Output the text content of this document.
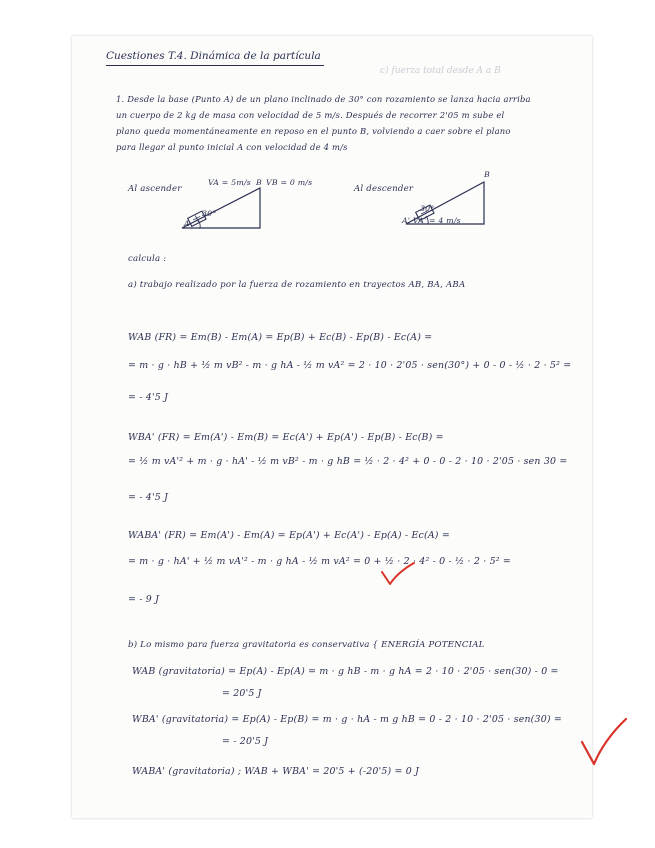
c) fuerza total desde A a B
Cuestiones T.4. Dinámica de la partícula
1. Desde la base (Punto A) de un plano inclinado de 30° con rozamiento se lanza hacia arriba
un cuerpo de 2 kg de masa con velocidad de 5 m/s. Después de recorrer 2'05 m sube el
plano queda momentáneamente en reposo en el punto B, volviendo a caer sobre el plano
para llegar al punto inicial A con velocidad de 4 m/s
Al ascender
VA = 5m/s B VB = 0 m/s
30°
A
Al descender
B
30°
A' VA' = 4 m/s
calcula :
a) trabajo realizado por la fuerza de rozamiento en trayectos AB, BA, ABA
WAB (FR) = Em(B) - Em(A) = Ep(B) + Ec(B) - Ep(B) - Ec(A) =
= m · g · hB + ½ m vB² - m · g hA - ½ m vA² = 2 · 10 · 2'05 · sen(30°) + 0 - 0 - ½ · 2 · 5² =
= - 4'5 J
WBA' (FR) = Em(A') - Em(B) = Ec(A') + Ep(A') - Ep(B) - Ec(B) =
= ½ m vA'² + m · g · hA' - ½ m vB² - m · g hB = ½ · 2 · 4² + 0 - 0 - 2 · 10 · 2'05 · sen 30 =
= - 4'5 J
WABA' (FR) = Em(A') - Em(A) = Ep(A') + Ec(A') - Ep(A) - Ec(A) =
= m · g · hA' + ½ m vA'² - m · g hA - ½ m vA² = 0 + ½ · 2 · 4² - 0 - ½ · 2 · 5² =
= - 9 J
b) Lo mismo para fuerza gravitatoria es conservativa { ENERGÍA POTENCIAL
WAB (gravitatoria) = Ep(A) - Ep(A) = m · g hB - m · g hA = 2 · 10 · 2'05 · sen(30) - 0 =
= 20'5 J
WBA' (gravitatoria) = Ep(A) - Ep(B) = m · g · hA - m g hB = 0 - 2 · 10 · 2'05 · sen(30) =
= - 20'5 J
WABA' (gravitatoria) ; WAB + WBA' = 20'5 + (-20'5) = 0 J
